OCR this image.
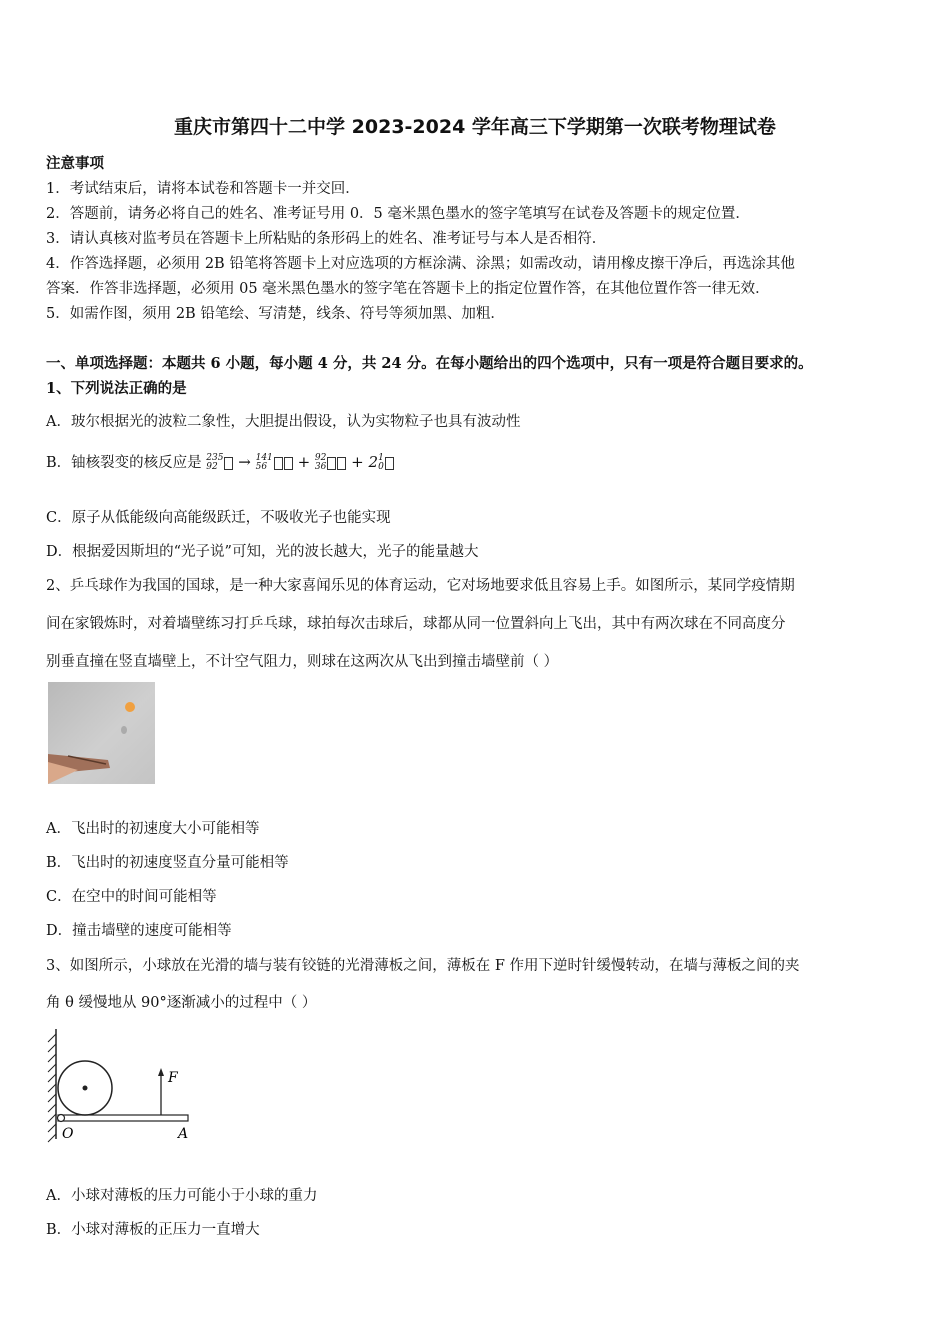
重庆市第四十二中学 2023-2024 学年高三下学期第一次联考物理试卷
注意事项
1．考试结束后，请将本试卷和答题卡一并交回．
2．答题前，请务必将自己的姓名、准考证号用 0．5 毫米黑色墨水的签字笔填写在试卷及答题卡的规定位置．
3．请认真核对监考员在答题卡上所粘贴的条形码上的姓名、准考证号与本人是否相符．
4．作答选择题，必须用 2B 铅笔将答题卡上对应选项的方框涂满、涂黑；如需改动，请用橡皮擦干净后，再选涂其他
答案．作答非选择题，必须用 05 毫米黑色墨水的签字笔在答题卡上的指定位置作答，在其他位置作答一律无效．
5．如需作图，须用 2B 铅笔绘、写清楚，线条、符号等须加黑、加粗．
一、单项选择题：本题共 6 小题，每小题 4 分，共 24 分。在每小题给出的四个选项中，只有一项是符合题目要求的。
1、下列说法正确的是
A．玻尔根据光的波粒二象性，大胆提出假设，认为实物粒子也具有波动性
B．铀核裂变的核反应是 235
92 → 141
56 + 92
36 + 21
0
C．原子从低能级向高能级跃迁，不吸收光子也能实现
D．根据爱因斯坦的“光子说”可知，光的波长越大，光子的能量越大
2、乒乓球作为我国的国球，是一种大家喜闻乐见的体育运动，它对场地要求低且容易上手。如图所示，某同学疫情期
间在家锻炼时，对着墙壁练习打乒乓球，球拍每次击球后，球都从同一位置斜向上飞出，其中有两次球在不同高度分
别垂直撞在竖直墙壁上，不计空气阻力，则球在这两次从飞出到撞击墙壁前（ ）
A．飞出时的初速度大小可能相等
B．飞出时的初速度竖直分量可能相等
C．在空中的时间可能相等
D．撞击墙壁的速度可能相等
3、如图所示，小球放在光滑的墙与装有铰链的光滑薄板之间，薄板在 F 作用下逆时针缓慢转动，在墙与薄板之间的夹
角 θ 缓慢地从 90°逐渐减小的过程中（ ）
F
O	A
A．小球对薄板的压力可能小于小球的重力
B．小球对薄板的正压力一直增大
